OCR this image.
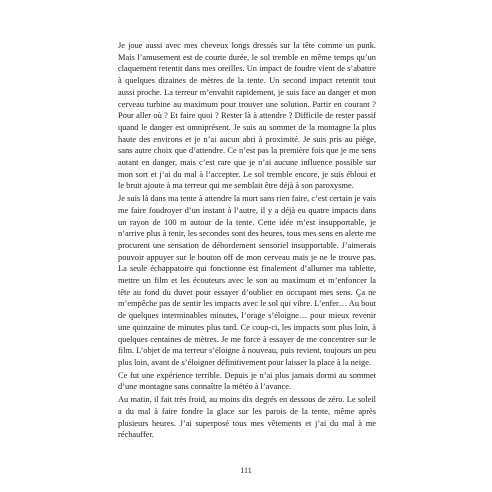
Je joue aussi avec mes cheveux longs dressés sur la tête comme un punk. Mais l’amusement est de courte durée, le sol tremble en même temps qu’un claquement retentit dans mes oreilles. Un impact de foudre vient de s’abattre à quelques dizaines de mètres de la tente. Un second impact retentit tout aussi proche. La terreur m’envahit rapidement, je suis face au danger et mon cerveau turbine au maximum pour trouver une solution. Partir en courant ? Pour aller où ? Et faire quoi ? Rester là à attendre ? Difficile de rester passif quand le danger est omniprésent. Je suis au sommet de la montagne la plus haute des environs et je n’ai aucun abri à proximité. Je suis pris au piège, sans autre choix que d’attendre. Ce n’est pas la première fois que je me sens autant en danger, mais c’est rare que je n’ai aucune influence possible sur mon sort et j’ai du mal à l’accepter. Le sol tremble encore, je suis ébloui et le bruit ajoute à ma terreur qui me semblait être déjà à son paroxysme.

Je suis là dans ma tente à attendre la mort sans rien faire, c’est certain je vais me faire foudroyer d’un instant à l’autre, il y a déjà eu quatre impacts dans un rayon de 100 m autour de la tente. Cette idée m’est insupportable, je n’arrive plus à tenir, les secondes sont des heures, tous mes sens en alerte me procurent une sensation de débordement sensoriel insupportable. J’aimerais pouvoir appuyer sur le bouton off de mon cerveau mais je ne le trouve pas. La seule échappatoire qui fonctionne est finalement d’allumer ma tablette, mettre un film et les écouteurs avec le son au maximum et m’enfoncer la tête au fond du duvet pour essayer d’oublier en occupant mes sens. Ça ne m’empêche pas de sentir les impacts avec le sol qui vibre. L’enfer… Au bout de quelques interminables minutes, l’orage s’éloigne… pour mieux revenir une quinzaine de minutes plus tard. Ce coup-ci, les impacts sont plus loin, à quelques centaines de mètres. Je me force à essayer de me concentrer sur le film. L’objet de ma terreur s’éloigne à nouveau, puis revient, toujours un peu plus loin, avant de s’éloigner définitivement pour laisser la place à la neige.

Ce fut une expérience terrible. Depuis je n’ai plus jamais dormi au sommet d’une montagne sans connaître la météo à l’avance.

Au matin, il fait très froid, au moins dix degrés en dessous de zéro. Le soleil a du mal à faire fondre la glace sur les parois de la tente, même après plusieurs heures. J’ai superposé tous mes vêtements et j’ai du mal à me réchauffer.

111
